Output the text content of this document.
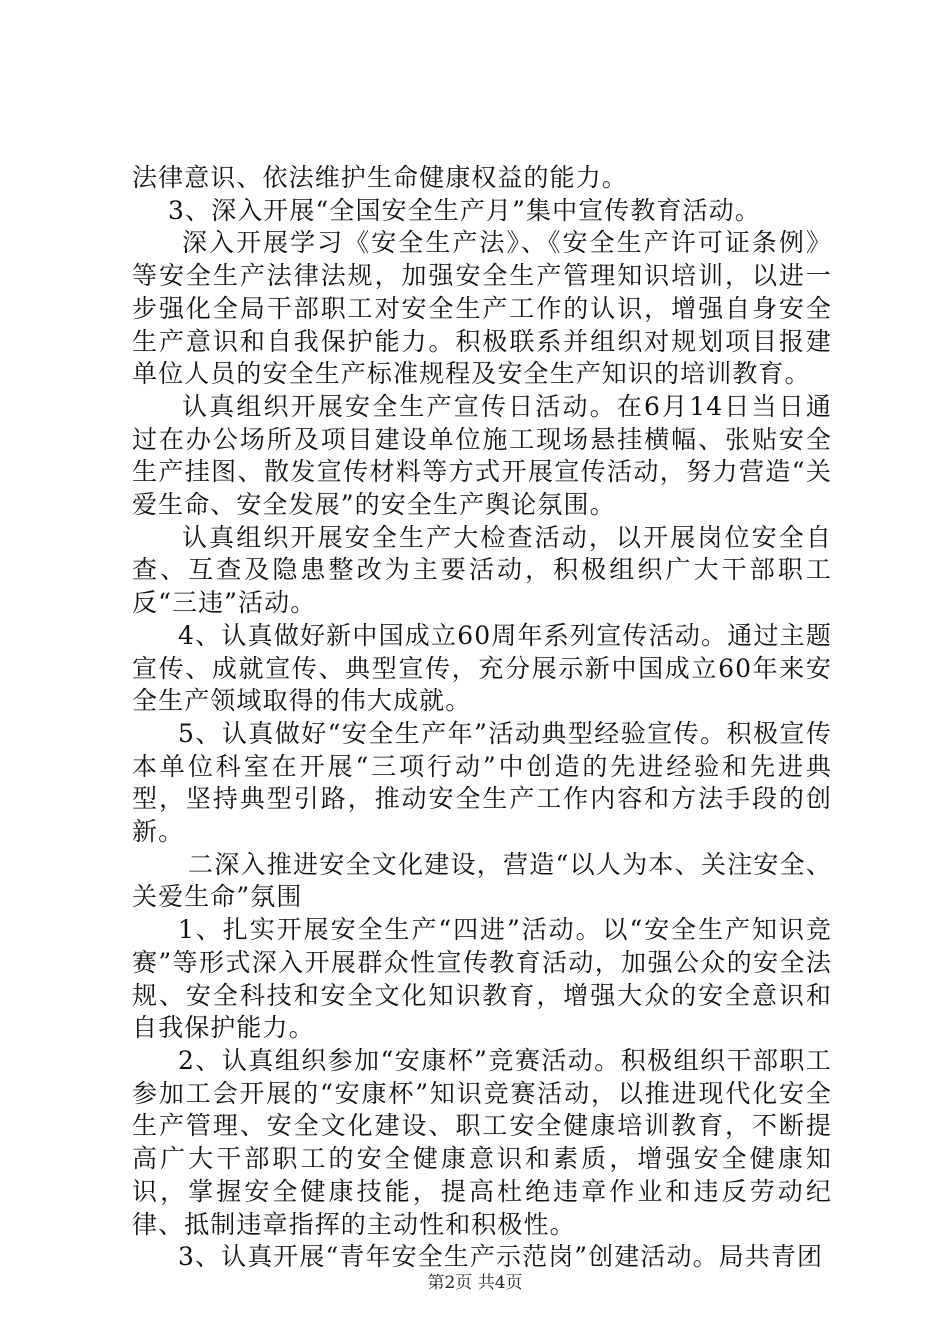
法律意识、依法维护生命健康权益的能力。

3、深入开展“全国安全生产月”集中宣传教育活动。

深入开展学习《安全生产法》、《安全生产许可证条例》等安全生产法律法规，加强安全生产管理知识培训，以进一步强化全局干部职工对安全生产工作的认识，增强自身安全生产意识和自我保护能力。积极联系并组织对规划项目报建单位人员的安全生产标准规程及安全生产知识的培训教育。

认真组织开展安全生产宣传日活动。在6月14日当日通过在办公场所及项目建设单位施工现场悬挂横幅、张贴安全生产挂图、散发宣传材料等方式开展宣传活动，努力营造“关爱生命、安全发展”的安全生产舆论氛围。

认真组织开展安全生产大检查活动，以开展岗位安全自查、互查及隐患整改为主要活动，积极组织广大干部职工反“三违”活动。

4、认真做好新中国成立60周年系列宣传活动。通过主题宣传、成就宣传、典型宣传，充分展示新中国成立60年来安全生产领域取得的伟大成就。

5、认真做好“安全生产年”活动典型经验宣传。积极宣传本单位科室在开展“三项行动”中创造的先进经验和先进典型，坚持典型引路，推动安全生产工作内容和方法手段的创新。

二深入推进安全文化建设，营造“以人为本、关注安全、关爱生命”氛围

1、扎实开展安全生产“四进”活动。以“安全生产知识竞赛”等形式深入开展群众性宣传教育活动，加强公众的安全法规、安全科技和安全文化知识教育，增强大众的安全意识和自我保护能力。

2、认真组织参加“安康杯”竞赛活动。积极组织干部职工参加工会开展的“安康杯”知识竞赛活动，以推进现代化安全生产管理、安全文化建设、职工安全健康培训教育，不断提高广大干部职工的安全健康意识和素质，增强安全健康知识，掌握安全健康技能，提高杜绝违章作业和违反劳动纪律、抵制违章指挥的主动性和积极性。

3、认真开展“青年安全生产示范岗”创建活动。局共青团

第2页 共4页
